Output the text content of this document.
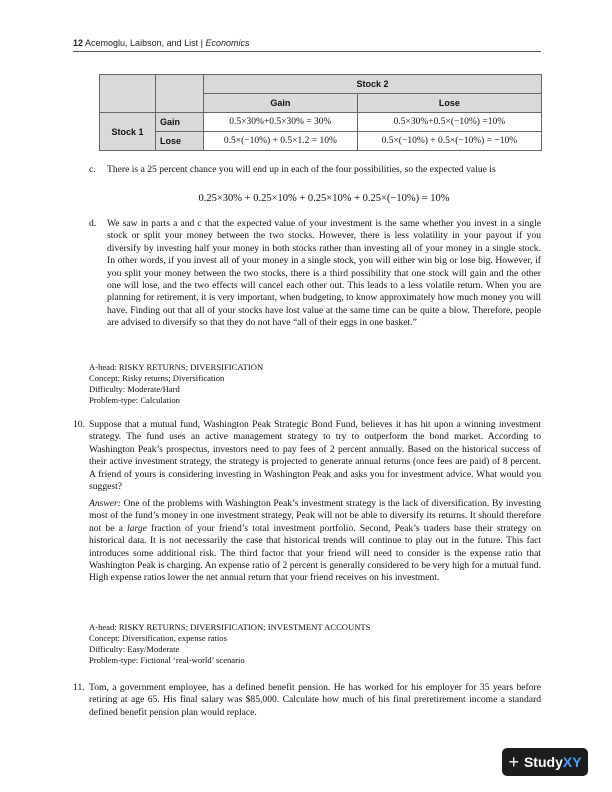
12 Acemoglu, Laibson, and List | Economics
		Stock 2	
		Gain	Lose
Stock 1	Gain	0.5×30%+0.5×30% = 30%	0.5×30%+0.5×(−10%) =10%
	Lose	0.5×(−10%) + 0.5×1.2 = 10%	0.5×(−10%) + 0.5×(−10%) = −10%
c. There is a 25 percent chance you will end up in each of the four possibilities, so the expected value is
0.25×30% + 0.25×10% + 0.25×10% + 0.25×(−10%) = 10%
d. We saw in parts a and c that the expected value of your investment is the same whether you invest in a single stock or split your money between the two stocks. However, there is less volatility in your payout if you diversify by investing half your money in both stocks rather than investing all of your money in a single stock. In other words, if you invest all of your money in a single stock, you will either win big or lose big. However, if you split your money between the two stocks, there is a third possibility that one stock will gain and the other one will lose, and the two effects will cancel each other out. This leads to a less volatile return. When you are planning for retirement, it is very important, when budgeting, to know approximately how much money you will have. Finding out that all of your stocks have lost value at the same time can be quite a blow. Therefore, people are advised to diversify so that they do not have “all of their eggs in one basket.”
A-head: RISKY RETURNS; DIVERSIFICATION
Concept: Risky returns; Diversification
Difficulty: Moderate/Hard
Problem-type: Calculation
10. Suppose that a mutual fund, Washington Peak Strategic Bond Fund, believes it has hit upon a winning investment strategy. The fund uses an active management strategy to try to outperform the bond market. According to Washington Peak’s prospectus, investors need to pay fees of 2 percent annually. Based on the historical success of their active investment strategy, the strategy is projected to generate annual returns (once fees are paid) of 8 percent. A friend of yours is considering investing in Washington Peak and asks you for investment advice. What would you suggest?
Answer: One of the problems with Washington Peak’s investment strategy is the lack of diversification. By investing most of the fund’s money in one investment strategy, Peak will not be able to diversify its returns. It should therefore not be a large fraction of your friend’s total investment portfolio. Second, Peak’s traders base their strategy on historical data. It is not necessarily the case that historical trends will continue to play out in the future. This fact introduces some additional risk. The third factor that your friend will need to consider is the expense ratio that Washington Peak is charging. An expense ratio of 2 percent is generally considered to be very high for a mutual fund. High expense ratios lower the net annual return that your friend receives on his investment.
A-head: RISKY RETURNS; DIVERSIFICATION; INVESTMENT ACCOUNTS
Concept: Diversification, expense ratios
Difficulty: Easy/Moderate
Problem-type: Fictional ‘real-world’ scenario
11. Tom, a government employee, has a defined benefit pension. He has worked for his employer for 35 years before retiring at age 65. His final salary was $85,000. Calculate how much of his final preretirement income a standard defined benefit pension plan would replace.
+ StudyXY
